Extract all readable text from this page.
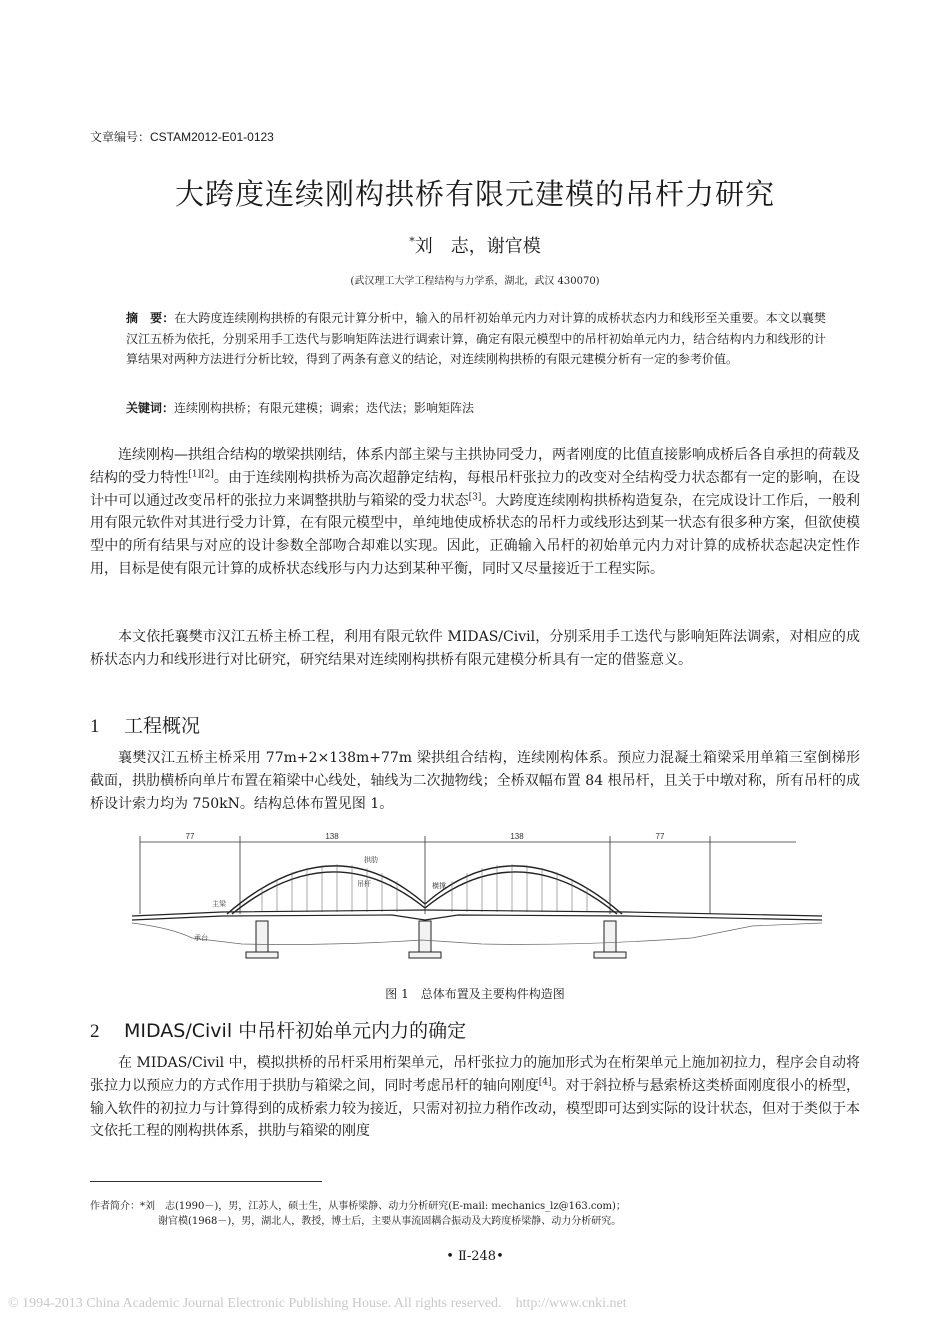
文章编号：CSTAM2012-E01-0123
大跨度连续刚构拱桥有限元建模的吊杆力研究
*刘　志，谢官模
(武汉理工大学工程结构与力学系，湖北，武汉 430070)
摘　要：在大跨度连续刚构拱桥的有限元计算分析中，输入的吊杆初始单元内力对计算的成桥状态内力和线形至关重要。本文以襄樊汉江五桥为依托，分别采用手工迭代与影响矩阵法进行调索计算，确定有限元模型中的吊杆初始单元内力，结合结构内力和线形的计算结果对两种方法进行分析比较，得到了两条有意义的结论，对连续刚构拱桥的有限元建模分析有一定的参考价值。
关键词：连续刚构拱桥；有限元建模；调索；迭代法；影响矩阵法
连续刚构—拱组合结构的墩梁拱刚结，体系内部主梁与主拱协同受力，两者刚度的比值直接影响成桥后各自承担的荷载及结构的受力特性[1][2]。由于连续刚构拱桥为高次超静定结构，每根吊杆张拉力的改变对全结构受力状态都有一定的影响，在设计中可以通过改变吊杆的张拉力来调整拱肋与箱梁的受力状态[3]。大跨度连续刚构拱桥构造复杂，在完成设计工作后，一般利用有限元软件对其进行受力计算，在有限元模型中，单纯地使成桥状态的吊杆力或线形达到某一状态有很多种方案，但欲使模型中的所有结果与对应的设计参数全部吻合却难以实现。因此，正确输入吊杆的初始单元内力对计算的成桥状态起决定性作用，目标是使有限元计算的成桥状态线形与内力达到某种平衡，同时又尽量接近于工程实际。
本文依托襄樊市汉江五桥主桥工程，利用有限元软件 MIDAS/Civil，分别采用手工迭代与影响矩阵法调索，对相应的成桥状态内力和线形进行对比研究，研究结果对连续刚构拱桥有限元建模分析具有一定的借鉴意义。
1 工程概况
襄樊汉江五桥主桥采用 77m+2×138m+77m 梁拱组合结构，连续刚构体系。预应力混凝土箱梁采用单箱三室倒梯形截面，拱肋横桥向单片布置在箱梁中心线处，轴线为二次抛物线；全桥双幅布置 84 根吊杆，且关于中墩对称，所有吊杆的成桥设计索力均为 750kN。结构总体布置见图 1。
77	138	138	77
主梁
拱肋
吊杆	横撑
承台
图 1　总体布置及主要构件构造图
2 MIDAS/Civil 中吊杆初始单元内力的确定
在 MIDAS/Civil 中，模拟拱桥的吊杆采用桁架单元，吊杆张拉力的施加形式为在桁架单元上施加初拉力，程序会自动将张拉力以预应力的方式作用于拱肋与箱梁之间，同时考虑吊杆的轴向刚度[4]。对于斜拉桥与悬索桥这类桥面刚度很小的桥型，输入软件的初拉力与计算得到的成桥索力较为接近，只需对初拉力稍作改动，模型即可达到实际的设计状态，但对于类似于本文依托工程的刚构拱体系，拱肋与箱梁的刚度
作者简介：*刘　志(1990－)，男，江苏人，硕士生，从事桥梁静、动力分析研究(E-mail: mechanics_lz@163.com)；
谢官模(1968－)，男，湖北人，教授，博士后，主要从事流固耦合振动及大跨度桥梁静、动力分析研究。
• Ⅱ-248•
© 1994-2013 China Academic Journal Electronic Publishing House. All rights reserved. http://www.cnki.net
